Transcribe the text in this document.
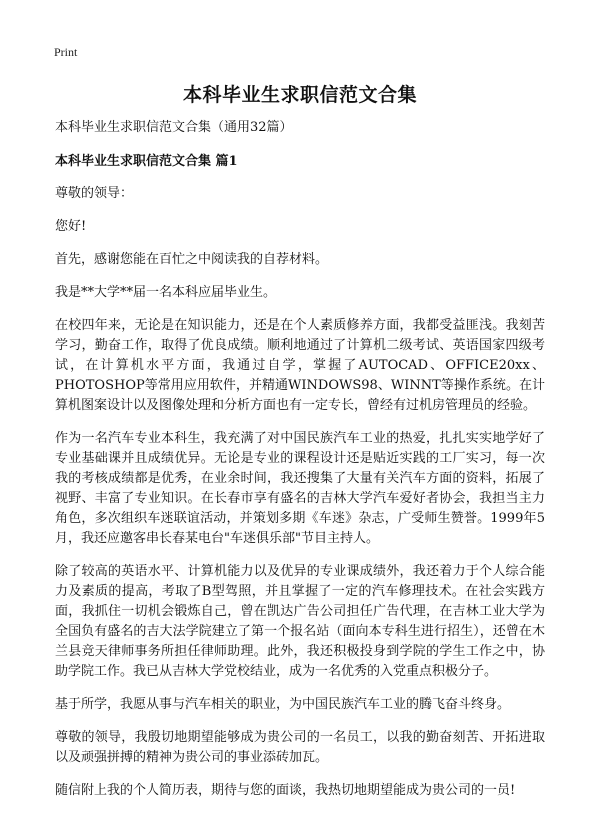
Print
本科毕业生求职信范文合集

本科毕业生求职信范文合集（通用32篇）

本科毕业生求职信范文合集 篇1

尊敬的领导：

您好!

首先，感谢您能在百忙之中阅读我的自荐材料。

我是**大学**届一名本科应届毕业生。

在校四年来，无论是在知识能力，还是在个人素质修养方面，我都受益匪浅。我刻苦学习，勤奋工作，取得了优良成绩。顺利地通过了计算机二级考试、英语国家四级考试，在计算机水平方面，我通过自学，掌握了AUTOCAD、OFFICE20xx、PHOTOSHOP等常用应用软件，并精通WINDOWS98、WINNT等操作系统。在计算机图案设计以及图像处理和分析方面也有一定专长，曾经有过机房管理员的经验。

作为一名汽车专业本科生，我充满了对中国民族汽车工业的热爱，扎扎实实地学好了专业基础课并且成绩优异。无论是专业的课程设计还是贴近实践的工厂实习，每一次我的考核成绩都是优秀，在业余时间，我还搜集了大量有关汽车方面的资料，拓展了视野、丰富了专业知识。在长春市享有盛名的吉林大学汽车爱好者协会，我担当主力角色，多次组织车迷联谊活动，并策划多期《车迷》杂志，广受师生赞誉。1999年5月，我还应邀客串长春某电台"车迷俱乐部"节目主持人。

除了较高的英语水平、计算机能力以及优异的专业课成绩外，我还着力于个人综合能力及素质的提高，考取了B型驾照，并且掌握了一定的汽车修理技术。在社会实践方面，我抓住一切机会锻炼自己，曾在凯达广告公司担任广告代理，在吉林工业大学为全国负有盛名的吉大法学院建立了第一个报名站（面向本专科生进行招生），还曾在木兰县竞天律师事务所担任律师助理。此外，我还积极投身到学院的学生工作之中，协助学院工作。我已从吉林大学党校结业，成为一名优秀的入党重点积极分子。

基于所学，我愿从事与汽车相关的职业，为中国民族汽车工业的腾飞奋斗终身。

尊敬的领导，我殷切地期望能够成为贵公司的一名员工，以我的勤奋刻苦、开拓进取以及顽强拼搏的精神为贵公司的事业添砖加瓦。

随信附上我的个人简历表，期待与您的面谈，我热切地期望能成为贵公司的一员!
